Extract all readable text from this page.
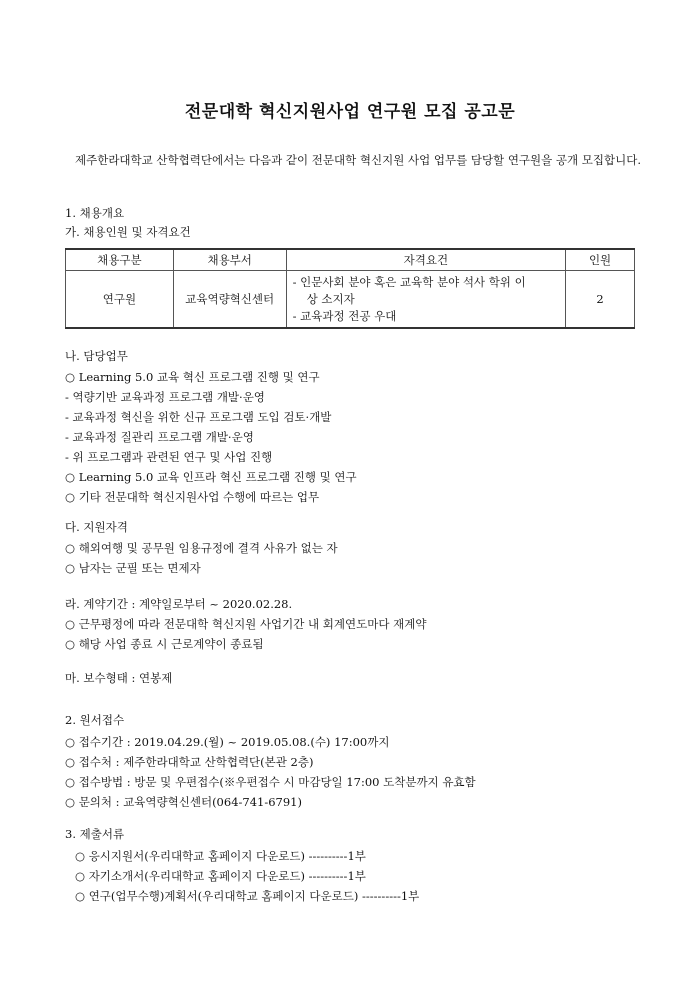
전문대학 혁신지원사업 연구원 모집 공고문
제주한라대학교 산학협력단에서는 다음과 같이 전문대학 혁신지원 사업 업무를 담당할 연구원을 공개 모집합니다.
1. 채용개요
가. 채용인원 및 자격요건
채용구분	채용부서	자격요건	인원
연구원	교육역량혁신센터	- 인문사회 분야 혹은 교육학 분야 석사 학위 이
상 소지자
- 교육과정 전공 우대	2
나. 담당업무
○ Learning 5.0 교육 혁신 프로그램 진행 및 연구
- 역량기반 교육과정 프로그램 개발·운영
- 교육과정 혁신을 위한 신규 프로그램 도입 검토·개발
- 교육과정 질관리 프로그램 개발·운영
- 위 프로그램과 관련된 연구 및 사업 진행
○ Learning 5.0 교육 인프라 혁신 프로그램 진행 및 연구
○ 기타 전문대학 혁신지원사업 수행에 따르는 업무
다. 지원자격
○ 해외여행 및 공무원 임용규정에 결격 사유가 없는 자
○ 남자는 군필 또는 면제자
라. 계약기간 : 계약일로부터 ~ 2020.02.28.
○ 근무평정에 따라 전문대학 혁신지원 사업기간 내 회계연도마다 재계약
○ 해당 사업 종료 시 근로계약이 종료됨
마. 보수형태 : 연봉제
2. 원서접수
○ 접수기간 : 2019.04.29.(월) ~ 2019.05.08.(수) 17:00까지
○ 접수처 : 제주한라대학교 산학협력단(본관 2층)
○ 접수방법 : 방문 및 우편접수(※우편접수 시 마감당일 17:00 도착분까지 유효함
○ 문의처 : 교육역량혁신센터(064-741-6791)
3. 제출서류
○ 응시지원서(우리대학교 홈페이지 다운로드) ----------1부
○ 자기소개서(우리대학교 홈페이지 다운로드) ----------1부
○ 연구(업무수행)계획서(우리대학교 홈페이지 다운로드) ----------1부
